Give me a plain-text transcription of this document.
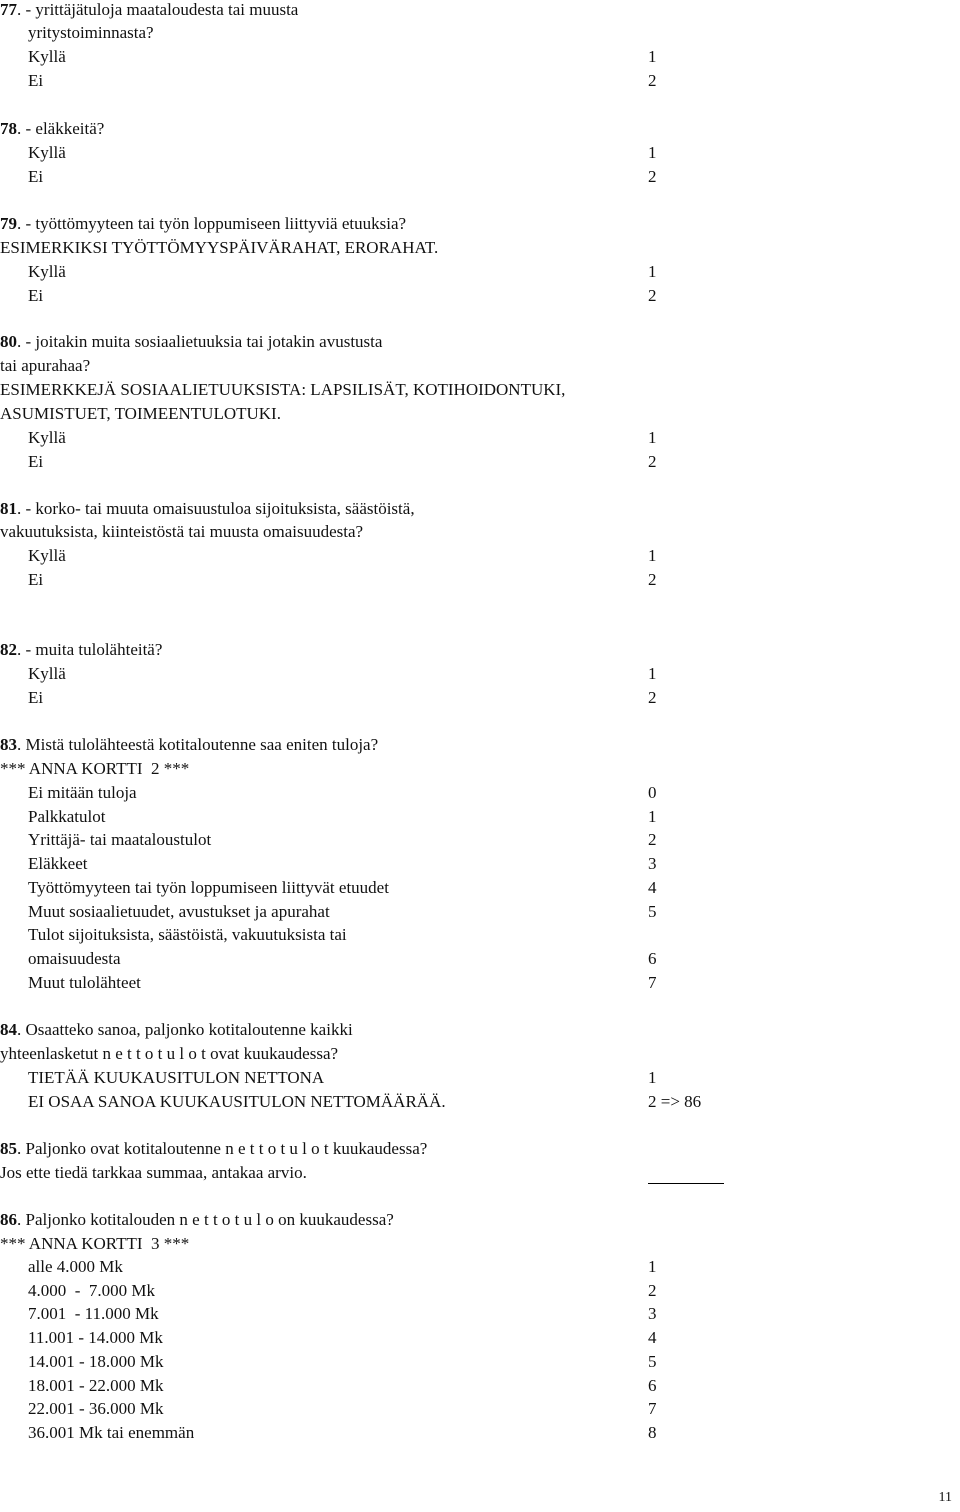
77. - yrittäjätuloja maataloudesta tai muusta
yritystoiminnasta?
Kyllä	1
Ei	2
78. - eläkkeitä?
Kyllä	1
Ei	2
79. - työttömyyteen tai työn loppumiseen liittyviä etuuksia?
ESIMERKIKSI TYÖTTÖMYYSPÄIVÄRAHAT, ERORAHAT.
Kyllä	1
Ei	2
80. - joitakin muita sosiaalietuuksia tai jotakin avustusta
tai apurahaa?
ESIMERKKEJÄ SOSIAALIETUUKSISTA: LAPSILISÄT, KOTIHOIDONTUKI,
ASUMISTUET, TOIMEENTULOTUKI.
Kyllä	1
Ei	2
81. - korko- tai muuta omaisuustuloa sijoituksista, säästöistä,
vakuutuksista, kiinteistöstä tai muusta omaisuudesta?
Kyllä	1
Ei	2
82. - muita tulolähteitä?
Kyllä	1
Ei	2
83. Mistä tulolähteestä kotitaloutenne saa eniten tuloja?
*** ANNA KORTTI  2 ***
Ei mitään tuloja	0
Palkkatulot	1
Yrittäjä- tai maataloustulot	2
Eläkkeet	3
Työttömyyteen tai työn loppumiseen liittyvät etuudet	4
Muut sosiaalietuudet, avustukset ja apurahat	5
Tulot sijoituksista, säästöistä, vakuutuksista tai
omaisuudesta	6
Muut tulolähteet	7
84. Osaatteko sanoa, paljonko kotitaloutenne kaikki
yhteenlasketut n e t t o t u l o t ovat kuukaudessa?
TIETÄÄ KUUKAUSITULON NETTONA	1
EI OSAA SANOA KUUKAUSITULON NETTOMÄÄRÄÄ.	2 => 86
85. Paljonko ovat kotitaloutenne n e t t o t u l o t kuukaudessa?
Jos ette tiedä tarkkaa summaa, antakaa arvio.
86. Paljonko kotitalouden n e t t o t u l o on kuukaudessa?
*** ANNA KORTTI  3 ***
alle 4.000 Mk	1
4.000  -  7.000 Mk	2
7.001  - 11.000 Mk	3
11.001 - 14.000 Mk	4
14.001 - 18.000 Mk	5
18.001 - 22.000 Mk	6
22.001 - 36.000 Mk	7
36.001 Mk tai enemmän	8
11
